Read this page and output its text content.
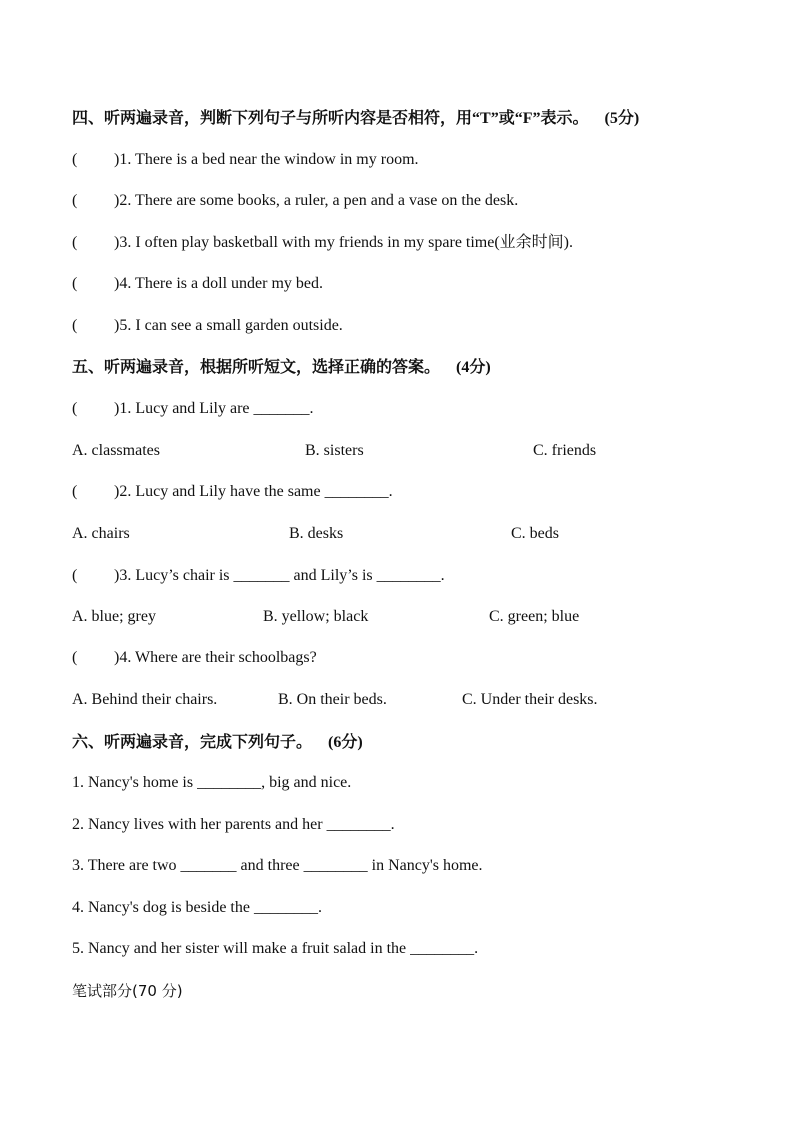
四、听两遍录音，判断下列句子与所听内容是否相符，用“T”或“F”表示。 (5分)
( )1. There is a bed near the window in my room.
( )2. There are some books, a ruler, a pen and a vase on the desk.
( )3. I often play basketball with my friends in my spare time(业余时间).
( )4. There is a doll under my bed.
( )5. I can see a small garden outside.
五、听两遍录音，根据所听短文，选择正确的答案。 (4分)
( )1. Lucy and Lily are _______.
A. classmates	B. sisters	C. friends
( )2. Lucy and Lily have the same ________.
A. chairs	B. desks	C. beds
( )3. Lucy’s chair is _______ and Lily’s is ________.
A. blue; grey	B. yellow; black	C. green; blue
( )4. Where are their schoolbags?
A. Behind their chairs.	B. On their beds.	C. Under their desks.
六、听两遍录音，完成下列句子。 (6分)
1. Nancy's home is ________, big and nice.
2. Nancy lives with her parents and her ________.
3. There are two _______ and three ________ in Nancy's home.
4. Nancy's dog is beside the ________.
5. Nancy and her sister will make a fruit salad in the ________.
笔试部分(70 分)
